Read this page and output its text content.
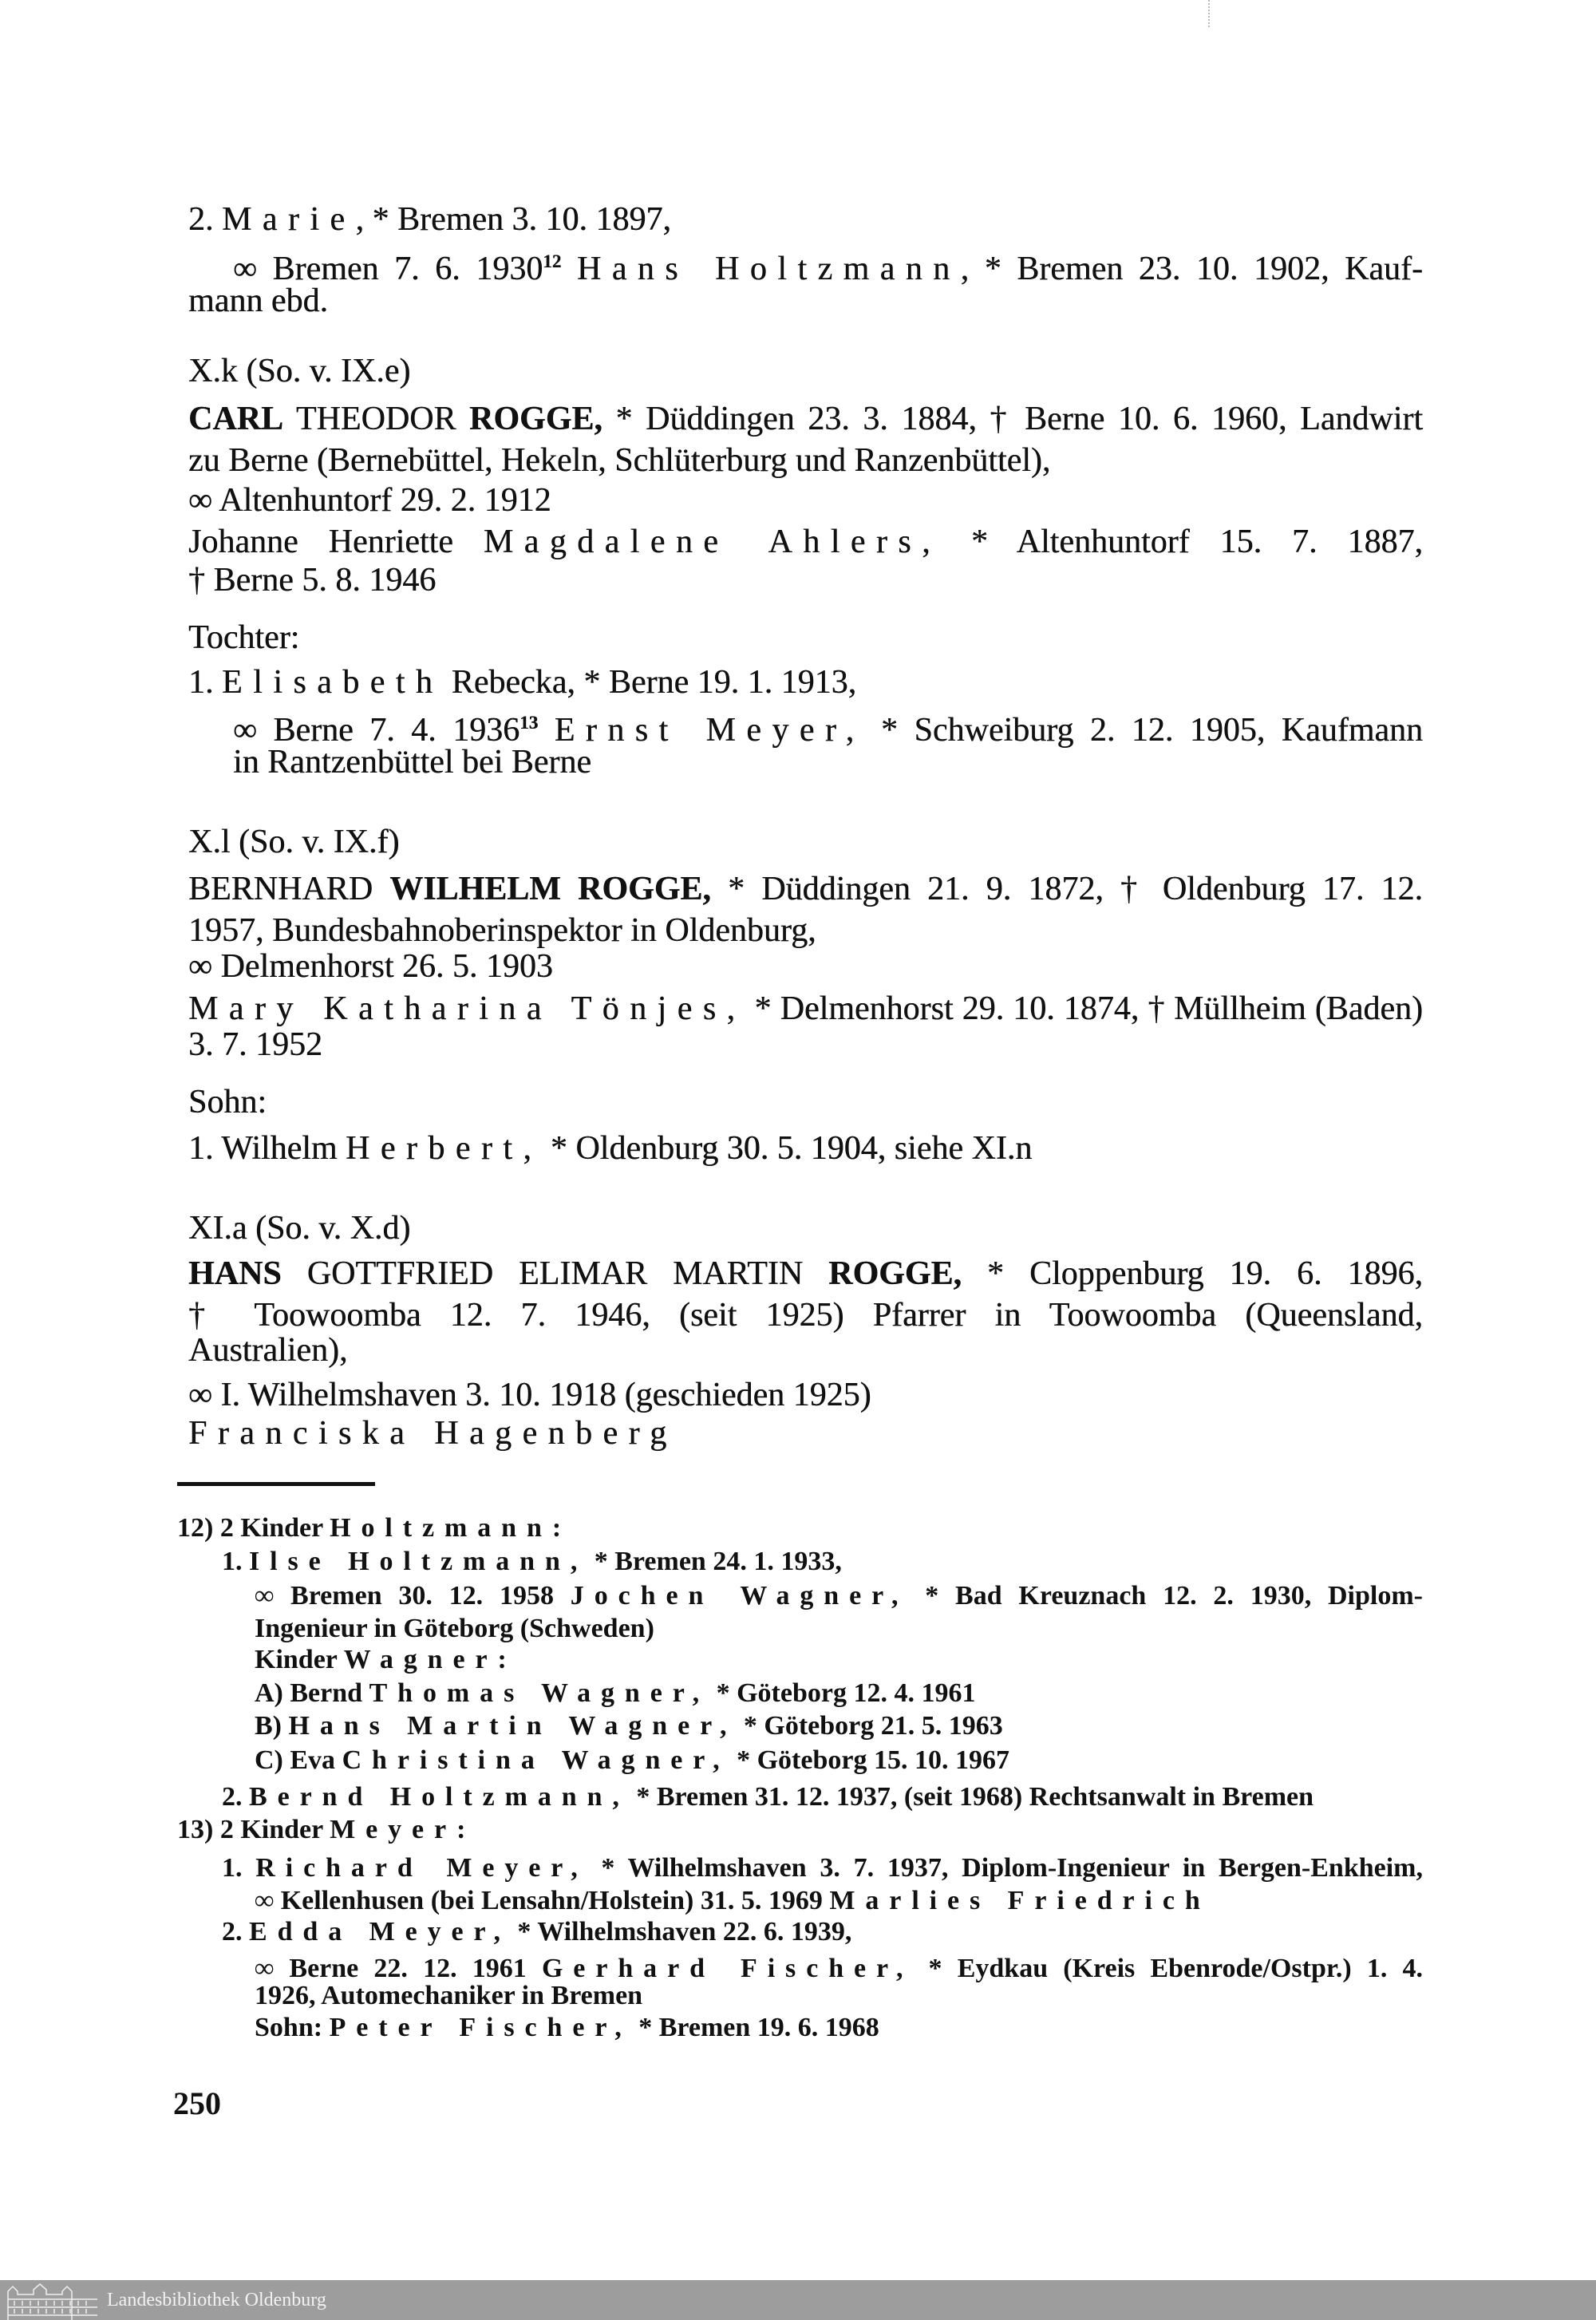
2. Marie, * Bremen 3. 10. 1897,
∞ Bremen 7. 6. 1930$^{12}$ Hans Holtzmann, * Bremen 23. 10. 1902, Kauf-
mann ebd.
X.k (So. v. IX.e)
CARL THEODOR ROGGE, * Düddingen 23. 3. 1884, † Berne 10. 6. 1960, Landwirt
zu Berne (Bernebüttel, Hekeln, Schlüterburg und Ranzenbüttel),
∞ Altenhuntorf 29. 2. 1912
Johanne Henriette Magdalene Ahlers, * Altenhuntorf 15. 7. 1887,
† Berne 5. 8. 1946
Tochter:
1. Elisabeth Rebecka, * Berne 19. 1. 1913,
∞ Berne 7. 4. 1936$^{13}$ Ernst Meyer, * Schweiburg 2. 12. 1905, Kaufmann
in Rantzenbüttel bei Berne
X.l (So. v. IX.f)
BERNHARD WILHELM ROGGE, * Düddingen 21. 9. 1872, † Oldenburg 17. 12.
1957, Bundesbahnoberinspektor in Oldenburg,
∞ Delmenhorst 26. 5. 1903
Mary Katharina Tönjes, * Delmenhorst 29. 10. 1874, † Müllheim (Baden)
3. 7. 1952
Sohn:
1. Wilhelm Herbert, * Oldenburg 30. 5. 1904, siehe XI.n
XI.a (So. v. X.d)
HANS GOTTFRIED ELIMAR MARTIN ROGGE, * Cloppenburg 19. 6. 1896,
† Toowoomba 12. 7. 1946, (seit 1925) Pfarrer in Toowoomba (Queensland,
Australien),
∞ I. Wilhelmshaven 3. 10. 1918 (geschieden 1925)
Franciska Hagenberg
12) 2 Kinder Holtzmann:
1. Ilse Holtzmann, * Bremen 24. 1. 1933,
∞ Bremen 30. 12. 1958 Jochen Wagner, * Bad Kreuznach 12. 2. 1930, Diplom-
Ingenieur in Göteborg (Schweden)
Kinder Wagner:
A) Bernd Thomas Wagner, * Göteborg 12. 4. 1961
B) Hans Martin Wagner, * Göteborg 21. 5. 1963
C) Eva Christina Wagner, * Göteborg 15. 10. 1967
2. Bernd Holtzmann, * Bremen 31. 12. 1937, (seit 1968) Rechtsanwalt in Bremen
13) 2 Kinder Meyer:
1. Richard Meyer, * Wilhelmshaven 3. 7. 1937, Diplom-Ingenieur in Bergen-Enkheim,
∞ Kellenhusen (bei Lensahn/Holstein) 31. 5. 1969 Marlies Friedrich
2. Edda Meyer, * Wilhelmshaven 22. 6. 1939,
∞ Berne 22. 12. 1961 Gerhard Fischer, * Eydkau (Kreis Ebenrode/Ostpr.) 1. 4.
1926, Automechaniker in Bremen
Sohn: Peter Fischer, * Bremen 19. 6. 1968
250
Landesbibliothek Oldenburg
